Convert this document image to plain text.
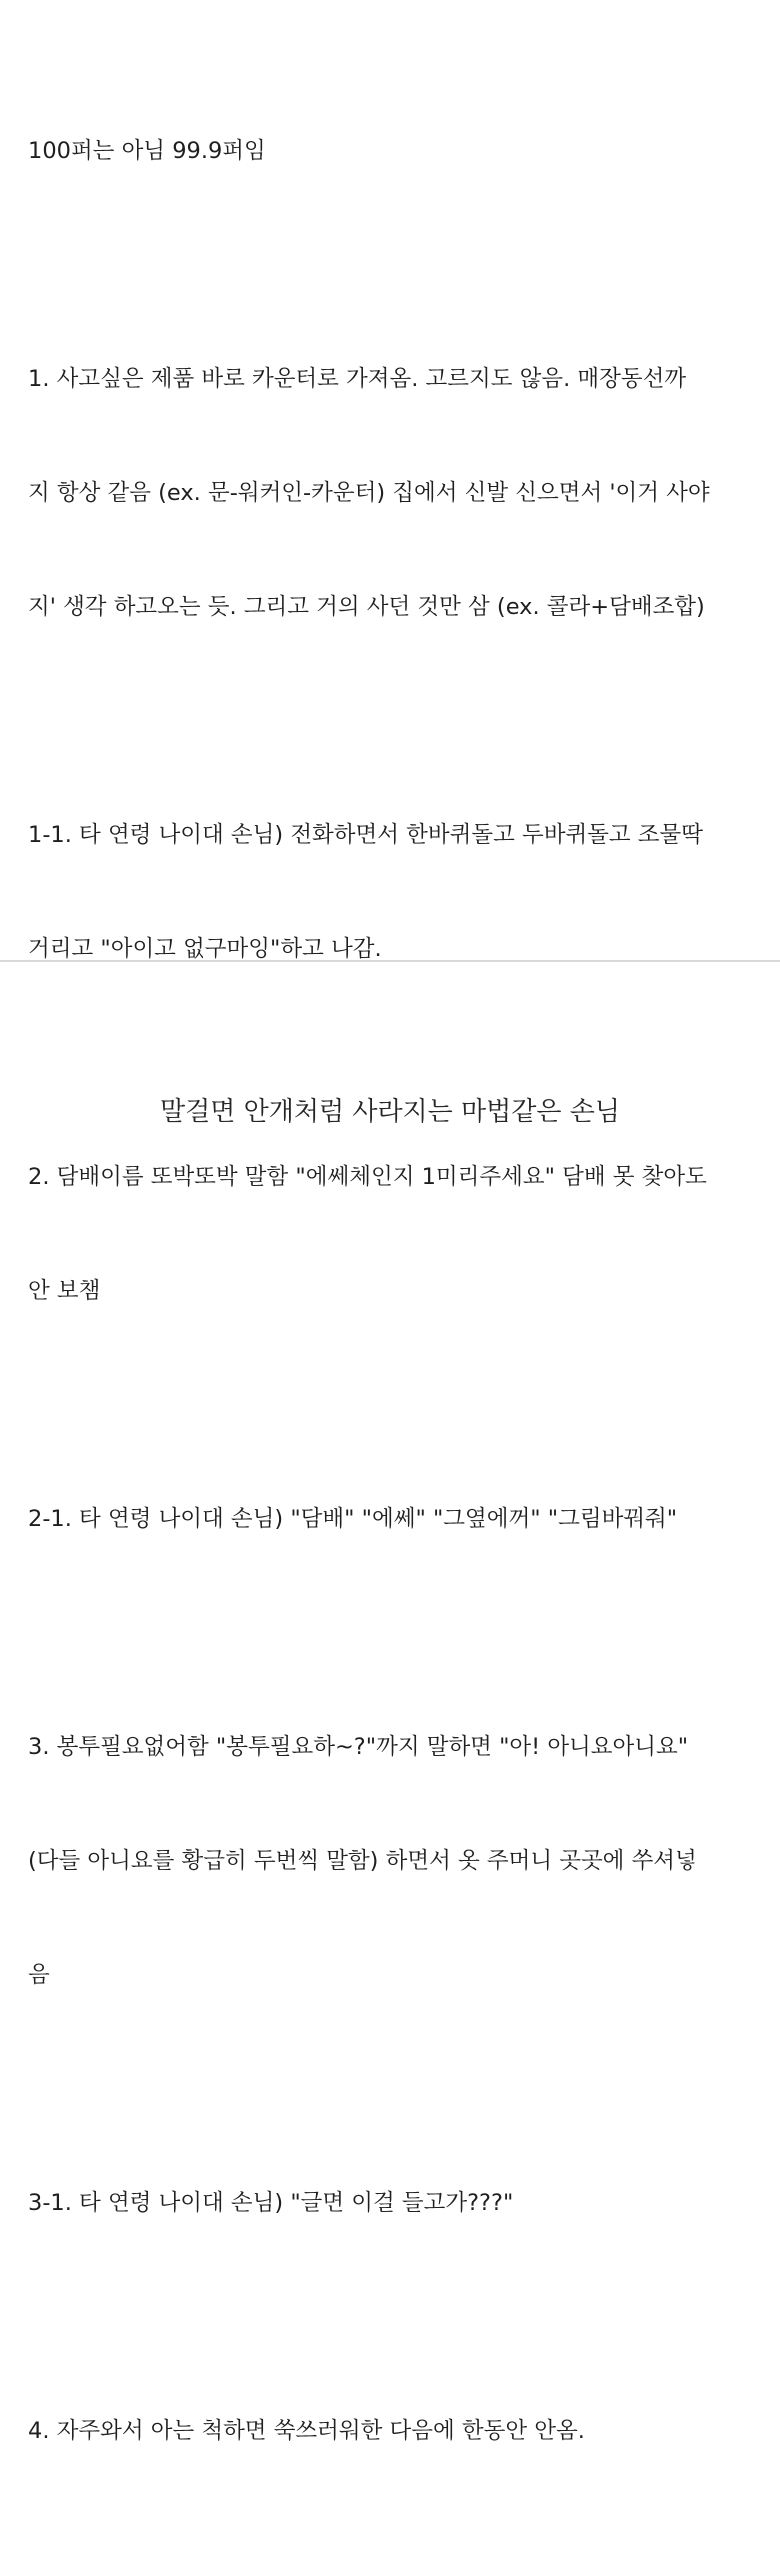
100퍼는 아님 99.9퍼임

1. 사고싶은 제품 바로 카운터로 가져옴. 고르지도 않음. 매장동선까

지 항상 같음 (ex. 문-워커인-카운터) 집에서 신발 신으면서 '이거 사야

지' 생각 하고오는 듯. 그리고 거의 사던 것만 삼 (ex. 콜라+담배조합)

1-1. 타 연령 나이대 손님) 전화하면서 한바퀴돌고 두바퀴돌고 조물딱

거리고 "아이고 없구마잉"하고 나감.

2. 담배이름 또박또박 말함 "에쎄체인지 1미리주세요" 담배 못 찾아도

안 보챔

2-1. 타 연령 나이대 손님) "담배" "에쎄" "그옆에꺼" "그림바꿔줘"

3. 봉투필요없어함 "봉투필요하~?"까지 말하면 "아! 아니요아니요"

(다들 아니요를 황급히 두번씩 말함) 하면서 옷 주머니 곳곳에 쑤셔넣

음

3-1. 타 연령 나이대 손님) "글면 이걸 들고가???"

4. 자주와서 아는 척하면 쑥쓰러워한 다음에 한동안 안옴.

말걸면 안개처럼 사라지는 마법같은 손님
